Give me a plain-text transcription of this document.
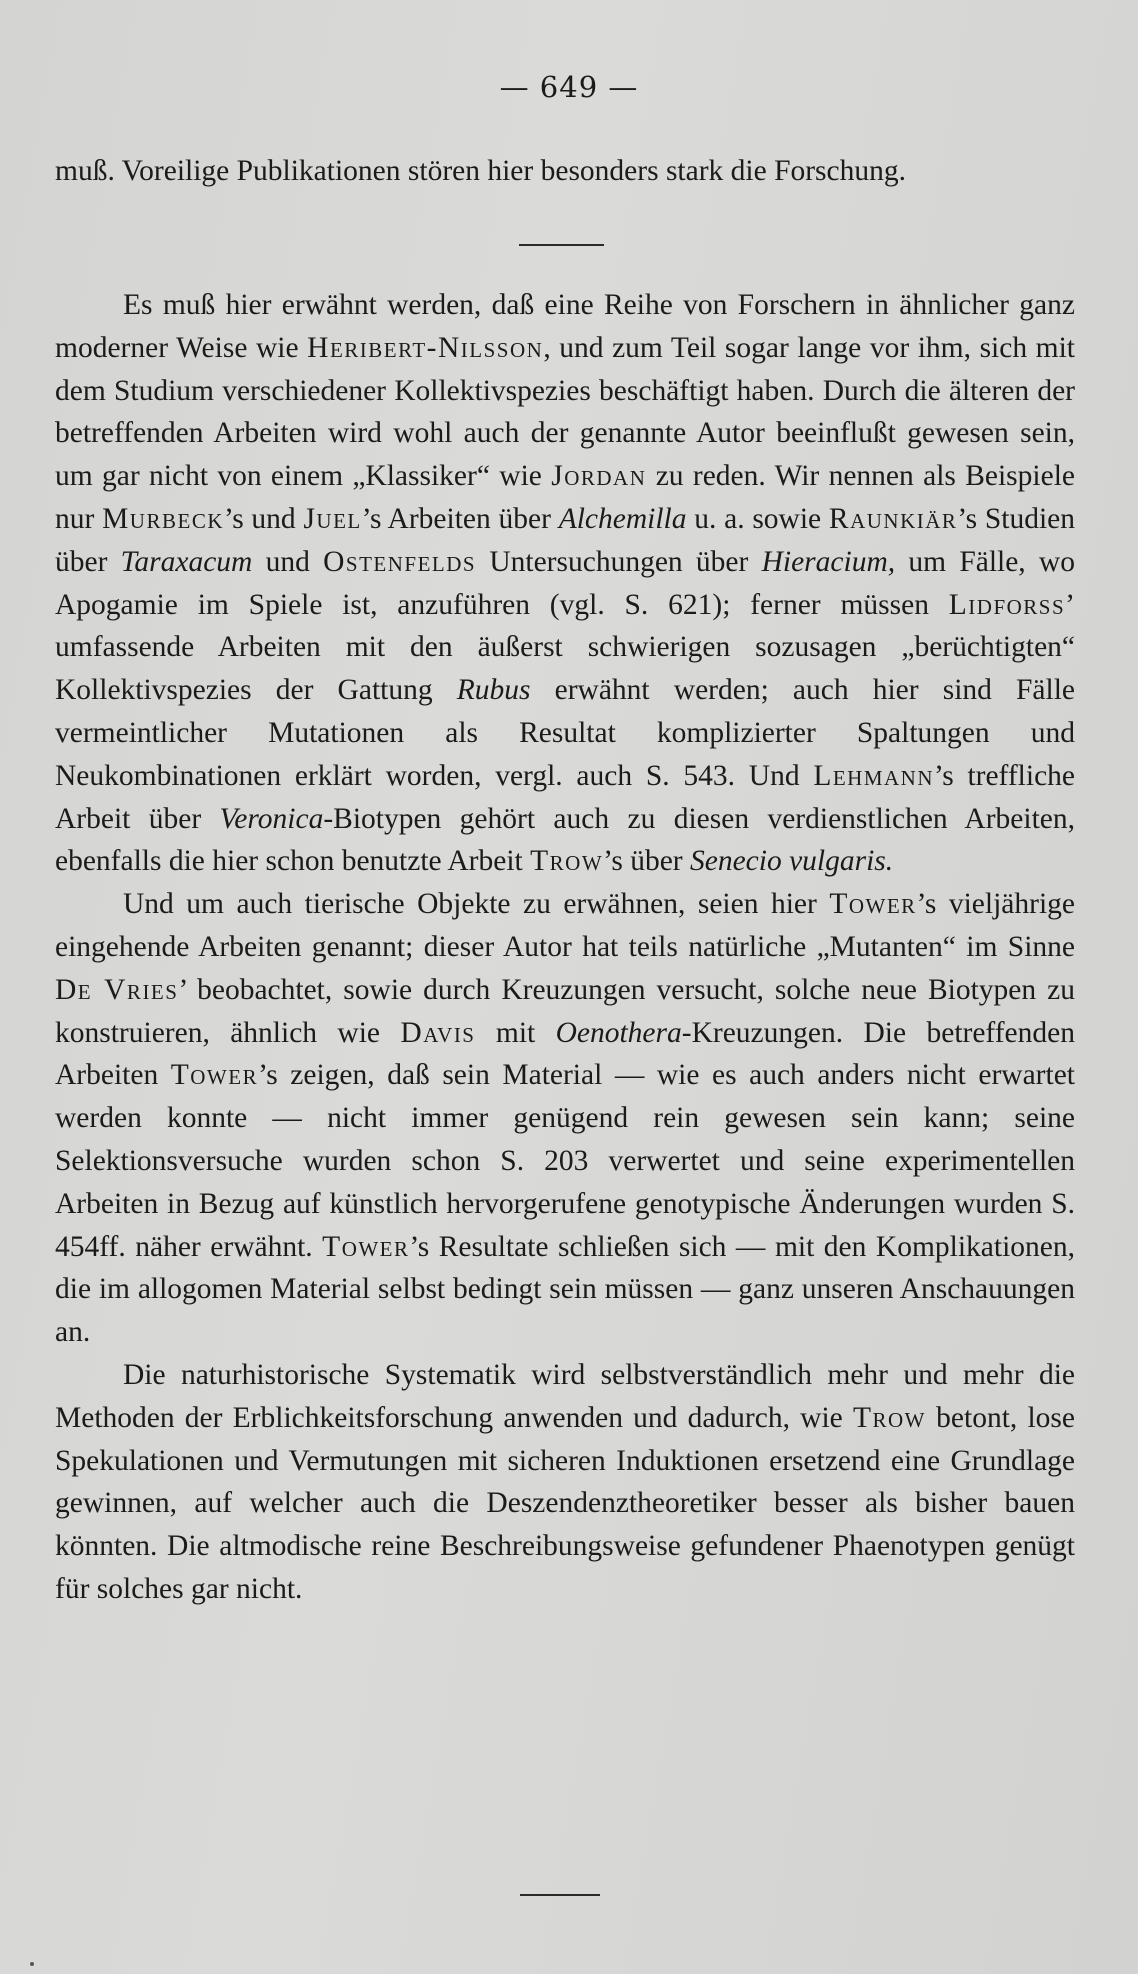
— 649 —

muß. Voreilige Publikationen stören hier besonders stark die Forschung.

Es muß hier erwähnt werden, daß eine Reihe von Forschern in ähnlicher ganz moderner Weise wie Heribert-Nilsson, und zum Teil sogar lange vor ihm, sich mit dem Studium verschiedener Kollektivspezies beschäftigt haben. Durch die älteren der betreffenden Arbeiten wird wohl auch der genannte Autor beeinflußt gewesen sein, um gar nicht von einem „Klassiker“ wie Jordan zu reden. Wir nennen als Beispiele nur Murbeck’s und Juel’s Arbeiten über Alchemilla u. a. sowie Raunkiär’s Studien über Taraxacum und Ostenfelds Untersuchungen über Hieracium, um Fälle, wo Apogamie im Spiele ist, anzuführen (vgl. S. 621); ferner müssen Lidforss’ umfassende Arbeiten mit den äußerst schwierigen sozusagen „berüchtigten“ Kollektivspezies der Gattung Rubus erwähnt werden; auch hier sind Fälle vermeintlicher Mutationen als Resultat komplizierter Spaltungen und Neukombinationen erklärt worden, vergl. auch S. 543. Und Lehmann’s treffliche Arbeit über Veronica-Biotypen gehört auch zu diesen verdienstlichen Arbeiten, ebenfalls die hier schon benutzte Arbeit Trow’s über Senecio vulgaris.

Und um auch tierische Objekte zu erwähnen, seien hier Tower’s vieljährige eingehende Arbeiten genannt; dieser Autor hat teils natürliche „Mutanten“ im Sinne De Vries’ beobachtet, sowie durch Kreuzungen versucht, solche neue Biotypen zu konstruieren, ähnlich wie Davis mit Oenothera-Kreuzungen. Die betreffenden Arbeiten Tower’s zeigen, daß sein Material — wie es auch anders nicht erwartet werden konnte — nicht immer genügend rein gewesen sein kann; seine Selektionsversuche wurden schon S. 203 verwertet und seine experimentellen Arbeiten in Bezug auf künstlich hervorgerufene genotypische Änderungen wurden S. 454ff. näher erwähnt. Tower’s Resultate schließen sich — mit den Komplikationen, die im allogomen Material selbst bedingt sein müssen — ganz unseren Anschauungen an.

Die naturhistorische Systematik wird selbstverständlich mehr und mehr die Methoden der Erblichkeitsforschung anwenden und dadurch, wie Trow betont, lose Spekulationen und Vermutungen mit sicheren Induktionen ersetzend eine Grundlage gewinnen, auf welcher auch die Deszendenztheoretiker besser als bisher bauen könnten. Die altmodische reine Beschreibungsweise gefundener Phaenotypen genügt für solches gar nicht.
